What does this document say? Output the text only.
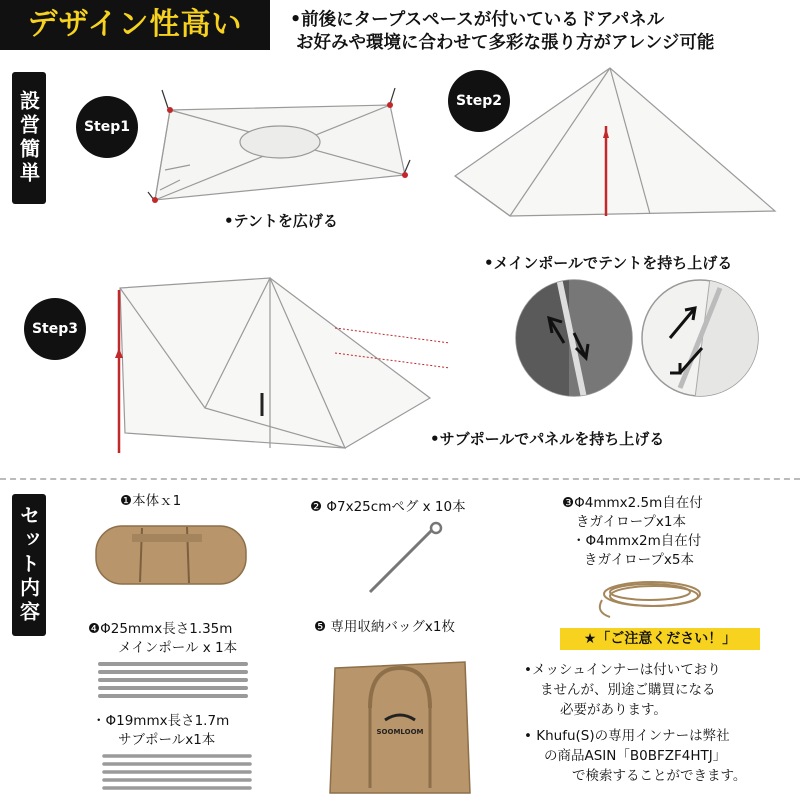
デザイン性高い	•前後にタープスペースが付いているドアパネル
お好みや環境に合わせて多彩な張り方がアレンジ可能
設営簡単	Step1
•テントを広げる
Step2
•メインポールでテントを持ち上げる
Step3
•サブポールでパネルを持ち上げる
セット内容
❶本体ｘ1	❷ Φ7x25cmペグ x 10本	❸Φ4mmx2.5m自在付
きガイロープx1本
・Φ4mmx2m自在付
きガイロープx5本
❹Φ25mmx長さ1.35m
メインポール x 1本
・Φ19mmx長さ1.7m
サブポールx1本
❺ 専用収納バッグx1枚
SOOMLOOM
★「ご注意ください！」
•メッシュインナーは付いており
ませんが、別途ご購買になる
必要があります。
• Khufu(S)の専用インナーは弊社
の商品ASIN「B0BFZF4HTJ」
で検索することができます。
